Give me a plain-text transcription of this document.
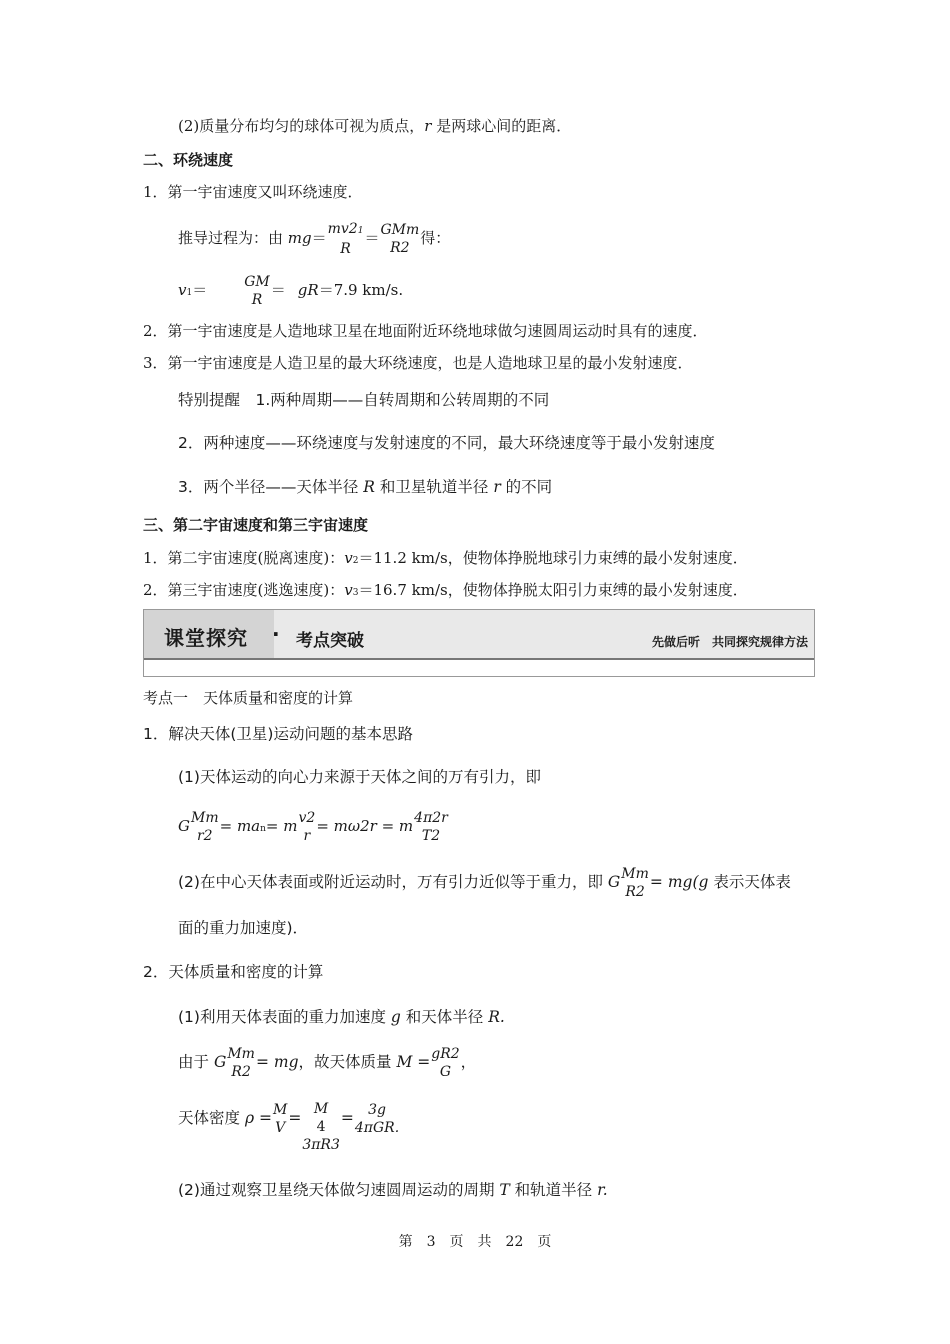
(2)质量分布均匀的球体可视为质点，r 是两球心间的距离．
二、环绕速度
1．第一宇宙速度又叫环绕速度．
推导过程为：由 mg＝ mv21
R
＝ GMm
R2
得：
v1＝	GM
R
＝ gR＝7.9 km/s.
2．第一宇宙速度是人造地球卫星在地面附近环绕地球做匀速圆周运动时具有的速度．
3．第一宇宙速度是人造卫星的最大环绕速度，也是人造地球卫星的最小发射速度．
特别提醒　1.两种周期——自转周期和公转周期的不同
2．两种速度——环绕速度与发射速度的不同，最大环绕速度等于最小发射速度
3．两个半径——天体半径 R 和卫星轨道半径 r 的不同
三、第二宇宙速度和第三宇宙速度
1．第二宇宙速度(脱离速度)：v2＝11.2 km/s，使物体挣脱地球引力束缚的最小发射速度．
2．第三宇宙速度(逃逸速度)：v3＝16.7 km/s，使物体挣脱太阳引力束缚的最小发射速度．
课堂探究 · 考点突破	先做后听　共同探究规律方法
考点一　天体质量和密度的计算
1．解决天体(卫星)运动问题的基本思路
(1)天体运动的向心力来源于天体之间的万有引力，即
G Mm
r2
= man= m v2
r
= mω2r = m 4π2r
T2
(2)在中心天体表面或附近运动时，万有引力近似等于重力，即 G Mm
R2
= mg(g 表示天体表
面的重力加速度)．
2．天体质量和密度的计算
(1)利用天体表面的重力加速度 g 和天体半径 R.
由于 G Mm
R2
= mg，故天体质量 M = gR2
G
，
天体密度 ρ = M
V
= M
4
3πR3
=	3g
4πGR.
(2)通过观察卫星绕天体做匀速圆周运动的周期 T 和轨道半径 r.
第　3　页　共　22　页
